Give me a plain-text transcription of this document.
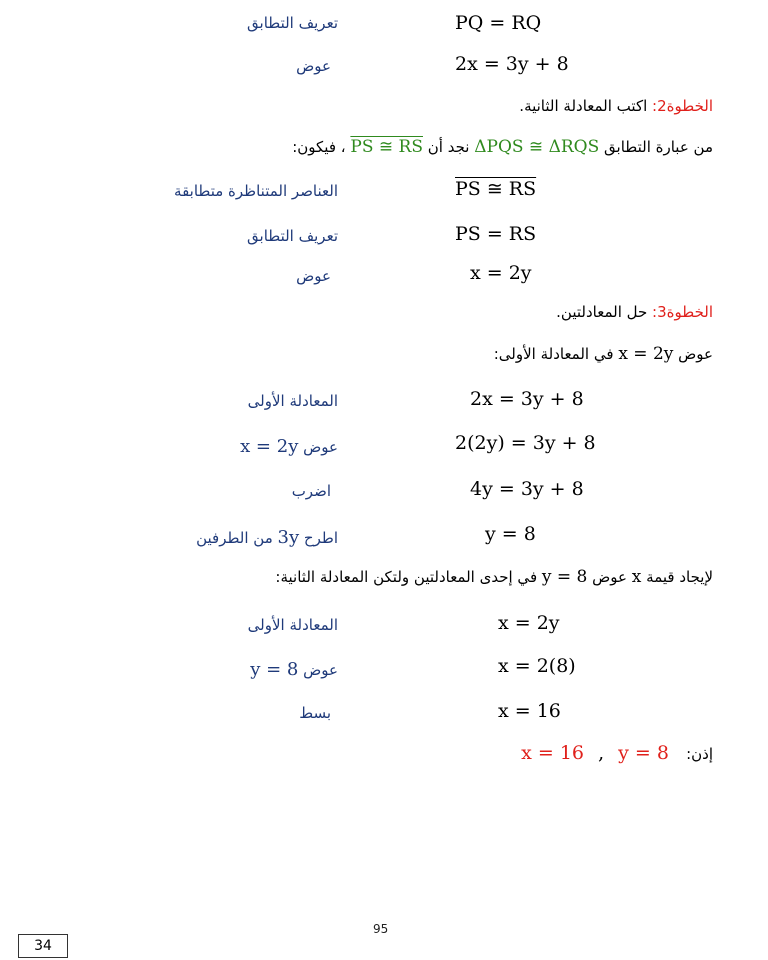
تعريف التطابق	PQ = RQ
عوض	2x = 3y + 8
الخطوة2: اكتب المعادلة الثانية.
من عبارة التطابق ΔPQS ≅ ΔRQS نجد أن PS ≅ RS ، فيكون:
العناصر المتناظرة متطابقة	PS ≅ RS
تعريف التطابق	PS = RS
عوض	x = 2y
الخطوة3: حل المعادلتين.
عوض x = 2y في المعادلة الأولى:
المعادلة الأولى	2x = 3y + 8
عوض x = 2y	2(2y) = 3y + 8
اضرب	4y = 3y + 8
اطرح 3y من الطرفين	y = 8
لإيجاد قيمة x عوض y = 8 في إحدى المعادلتين ولتكن المعادلة الثانية:
المعادلة الأولى	x = 2y
عوض y = 8	x = 2(8)
بسط	x = 16
إذن: x = 16 , y = 8
95
34
